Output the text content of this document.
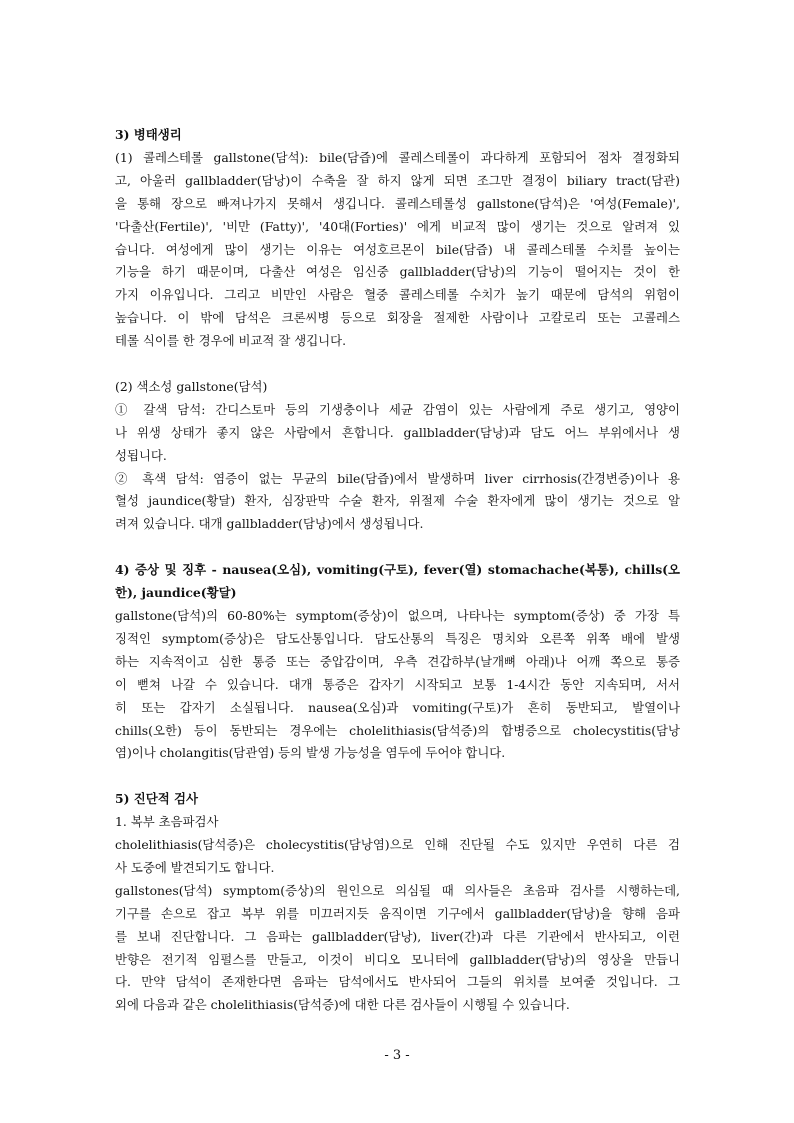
3) 병태생리
(1) 콜레스테롤 gallstone(담석): bile(담즙)에 콜레스테롤이 과다하게 포함되어 점차 결정화되
고, 아울러 gallbladder(담낭)이 수축을 잘 하지 않게 되면 조그만 결정이 biliary tract(담관)
을 통해 장으로 빠져나가지 못해서 생깁니다. 콜레스테롤성 gallstone(담석)은 '여성(Female)',
'다출산(Fertile)', '비만 (Fatty)', '40대(Forties)' 에게 비교적 많이 생기는 것으로 알려져 있
습니다. 여성에게 많이 생기는 이유는 여성호르몬이 bile(담즙) 내 콜레스테롤 수치를 높이는
기능을 하기 때문이며, 다출산 여성은 임신중 gallbladder(담낭)의 기능이 떨어지는 것이 한
가지 이유입니다. 그리고 비만인 사람은 혈중 콜레스테롤 수치가 높기 때문에 담석의 위험이
높습니다. 이 밖에 담석은 크론씨병 등으로 회장을 절제한 사람이나 고칼로리 또는 고콜레스
테롤 식이를 한 경우에 비교적 잘 생깁니다.
(2) 색소성 gallstone(담석)
① 갈색 담석: 간디스토마 등의 기생충이나 세균 감염이 있는 사람에게 주로 생기고, 영양이
나 위생 상태가 좋지 않은 사람에서 흔합니다. gallbladder(담낭)과 담도 어느 부위에서나 생
성됩니다.
② 흑색 담석: 염증이 없는 무균의 bile(담즙)에서 발생하며 liver cirrhosis(간경변증)이나 용
혈성 jaundice(황달) 환자, 심장판막 수술 환자, 위절제 수술 환자에게 많이 생기는 것으로 알
려져 있습니다. 대개 gallbladder(담낭)에서 생성됩니다.
4) 증상 및 징후 - nausea(오심), vomiting(구토), fever(열) stomachache(복통), chills(오
한), jaundice(황달)
gallstone(담석)의 60-80%는 symptom(증상)이 없으며, 나타나는 symptom(증상) 중 가장 특
징적인 symptom(증상)은 담도산통입니다. 담도산통의 특징은 명치와 오른쪽 위쪽 배에 발생
하는 지속적이고 심한 통증 또는 중압감이며, 우측 견갑하부(날개뼈 아래)나 어깨 쪽으로 통증
이 뻗쳐 나갈 수 있습니다. 대개 통증은 갑자기 시작되고 보통 1-4시간 동안 지속되며, 서서
히 또는 갑자기 소실됩니다. nausea(오심)과 vomiting(구토)가 흔히 동반되고, 발열이나
chills(오한) 등이 동반되는 경우에는 cholelithiasis(담석증)의 합병증으로 cholecystitis(담낭
염)이나 cholangitis(담관염) 등의 발생 가능성을 염두에 두어야 합니다.
5) 진단적 검사
1. 복부 초음파검사
cholelithiasis(담석증)은 cholecystitis(담낭염)으로 인해 진단될 수도 있지만 우연히 다른 검
사 도중에 발견되기도 합니다.
gallstones(담석) symptom(증상)의 원인으로 의심될 때 의사들은 초음파 검사를 시행하는데,
기구를 손으로 잡고 복부 위를 미끄러지듯 움직이면 기구에서 gallbladder(담낭)을 향해 음파
를 보내 진단합니다. 그 음파는 gallbladder(담낭), liver(간)과 다른 기관에서 반사되고, 이런
반향은 전기적 임펄스를 만들고, 이것이 비디오 모니터에 gallbladder(담낭)의 영상을 만듭니
다. 만약 담석이 존재한다면 음파는 담석에서도 반사되어 그들의 위치를 보여줄 것입니다. 그
외에 다음과 같은 cholelithiasis(담석증)에 대한 다른 검사들이 시행될 수 있습니다.
- 3 -
